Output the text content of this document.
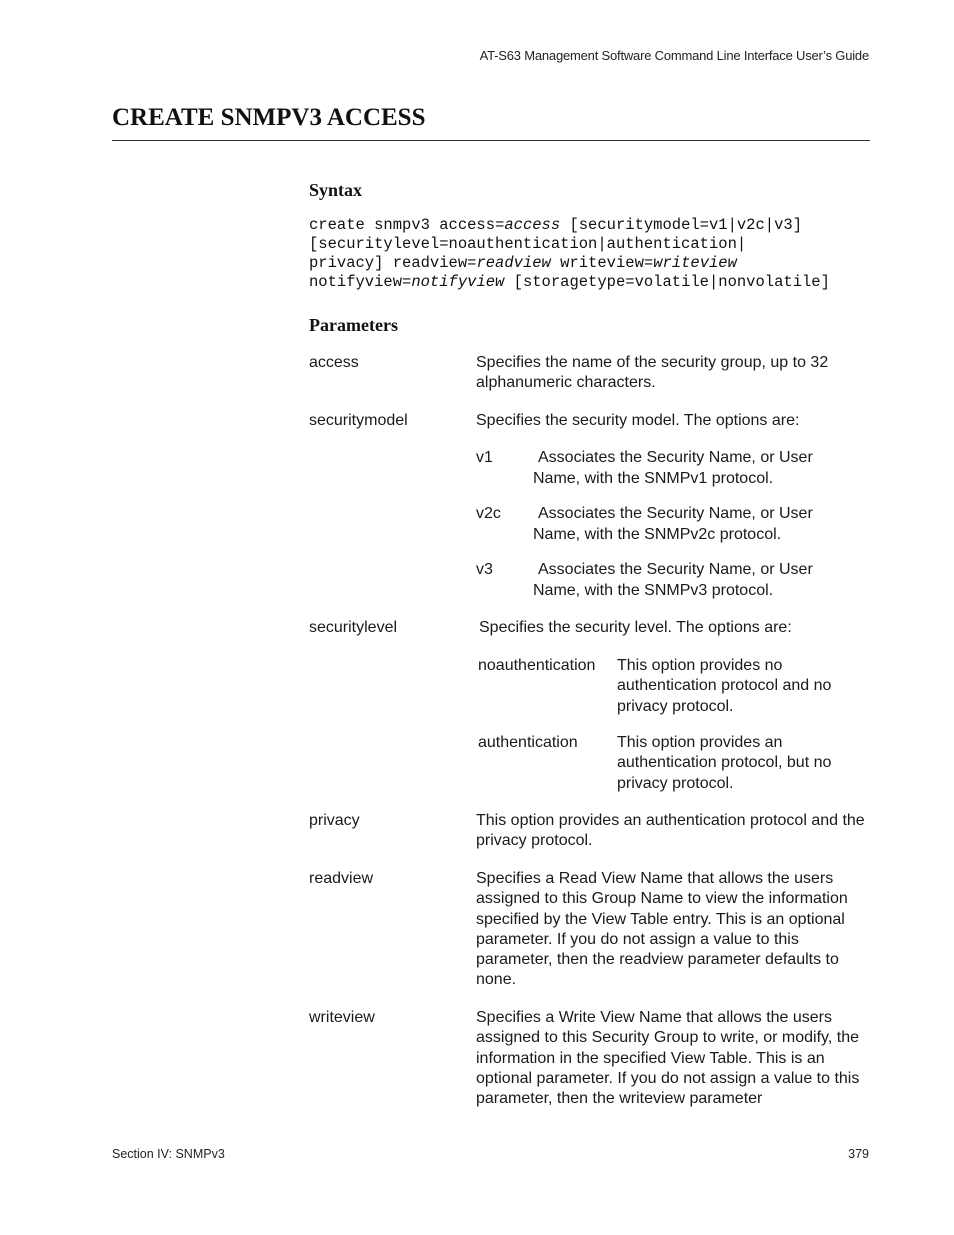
AT-S63 Management Software Command Line Interface User’s Guide
CREATE SNMPV3 ACCESS
Syntax
create snmpv3 access=access [securitymodel=v1|v2c|v3]
[securitylevel=noauthentication|authentication|
privacy] readview=readview writeview=writeview
notifyview=notifyview [storagetype=volatile|nonvolatile]
Parameters
access	Specifies the name of the security group, up to 32 alphanumeric characters.
securitymodel	Specifies the security model. The options are:
v1	Associates the Security Name, or User Name, with the SNMPv1 protocol.
v2c	Associates the Security Name, or User Name, with the SNMPv2c protocol.
v3	Associates the Security Name, or User Name, with the SNMPv3 protocol.
securitylevel	Specifies the security level. The options are:
noauthentication This option provides no authentication protocol and no privacy protocol.
authentication This option provides an authentication protocol, but no privacy protocol.
privacy	This option provides an authentication protocol and the privacy protocol.
readview	Specifies a Read View Name that allows the users assigned to this Group Name to view the information specified by the View Table entry. This is an optional parameter. If you do not assign a value to this parameter, then the readview parameter defaults to none.
writeview	Specifies a Write View Name that allows the users assigned to this Security Group to write, or modify, the information in the specified View Table. This is an optional parameter. If you do not assign a value to this parameter, then the writeview parameter
Section IV: SNMPv3	379
